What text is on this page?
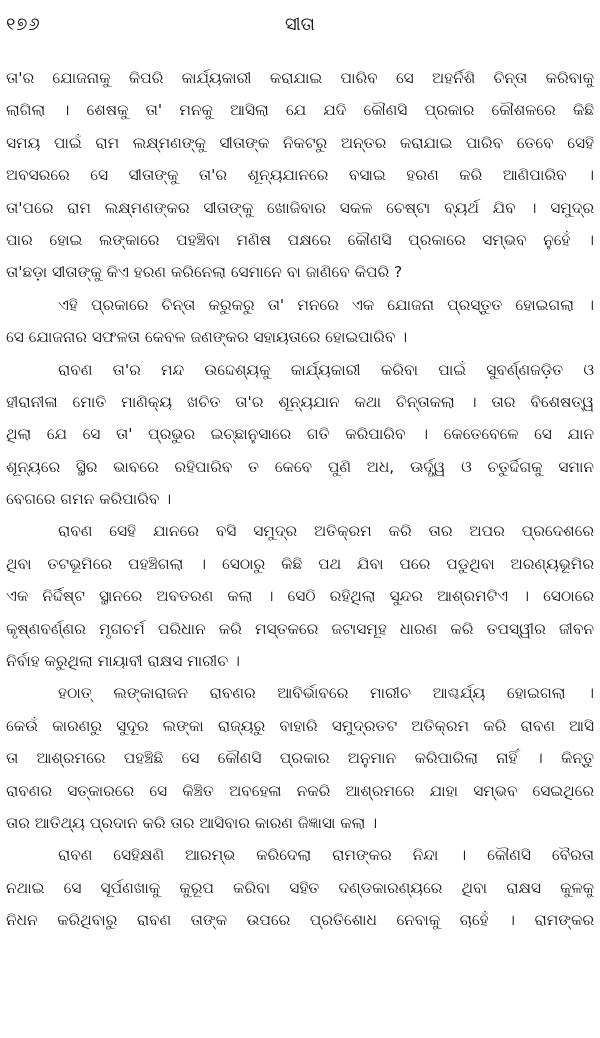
୧୭୬	ସୀତା
ତା'ର ଯୋଜନାକୁ କିପରି କାର୍ଯ୍ୟକାରୀ କରାଯାଇ ପାରିବ ସେ ଅହର୍ନିଶି ଚିନ୍ତା କରିବାକୁ
ଲାଗିଲା । ଶେଷକୁ ତା' ମନକୁ ଆସିଲା ଯେ ଯଦି କୌଣସି ପ୍ରକାର କୌଶଳରେ କିଛି
ସମୟ ପାଇଁ ରାମ ଲକ୍ଷ୍ମଣଙ୍କୁ ସୀତାଙ୍କ ନିକଟରୁ ଅନ୍ତର କରାଯାଇ ପାରିବ ତେବେ ସେହି
ଅବସରରେ ସେ ସୀତାଙ୍କୁ ତା'ର ଶୂନ୍ୟଯାନରେ ବସାଇ ହରଣ କରି ଆଣିପାରିବ ।
ତା'ପରେ ରାମ ଲକ୍ଷ୍ମଣଙ୍କର ସୀତାଙ୍କୁ ଖୋଜିବାର ସକଳ ଚେଷ୍ଟା ବ୍ୟର୍ଥ ଯିବ । ସମୁଦ୍ର
ପାର ହୋଇ ଲଙ୍କାରେ ପହଞ୍ଚିବା ମଣିଷ ପକ୍ଷରେ କୌଣସି ପ୍ରକାରେ ସମ୍ଭବ ନୁହେଁ ।
ତା'ଛଡ଼ା ସୀତାଙ୍କୁ କିଏ ହରଣ କରିନେଲା ସେମାନେ ବା ଜାଣିବେ କିପରି ?
ଏହି ପ୍ରକାରେ ଚିନ୍ତା କରୁକରୁ ତା' ମନରେ ଏକ ଯୋଜନା ପ୍ରସ୍ତୁତ ହୋଇଗଲା ।
ସେ ଯୋଜନାର ସଫଳତା କେବଳ ଜଣଙ୍କର ସହାୟତାରେ ହୋଇପାରିବ ।
ରାବଣ ତା'ର ମନ୍ଦ ଉଦ୍ଦେଶ୍ୟକୁ କାର୍ଯ୍ୟକାରୀ କରିବା ପାଇଁ ସୁବର୍ଣ୍ଣଜଡ଼ିତ ଓ
ହୀରାନୀଳା ମୋତି ମାଣିକ୍ୟ ଖଚିତ ତା'ର ଶୂନ୍ୟଯାନ କଥା ଚିନ୍ତାକଲା । ତାର ବିଶେଷତ୍ୱ
ଥିଲା ଯେ ସେ ତା' ପ୍ରଭୁର ଇଚ୍ଛାନୁସାରେ ଗତି କରିପାରିବ । କେତେବେଳେ ସେ ଯାନ
ଶୂନ୍ୟରେ ସ୍ଥିର ଭାବରେ ରହିପାରିବ ତ କେବେ ପୁଣି ଅଧ, ଊର୍ଦ୍ଧ୍ୱ ଓ ଚତୁର୍ଦ୍ଦିଗକୁ ସମାନ
ବେଗରେ ଗମନ କରିପାରିବ ।
ରାବଣ ସେହି ଯାନରେ ବସି ସମୁଦ୍ର ଅତିକ୍ରମ କରି ତାର ଅପର ପ୍ରଦେଶରେ
ଥିବା ତଟଭୂମିରେ ପହଞ୍ଚିଗଲା । ସେଠାରୁ କିଛି ପଥ ଯିବା ପରେ ପଡୁଥିବା ଅରଣ୍ୟଭୂମିର
ଏକ ନିର୍ଦ୍ଦିଷ୍ଟ ସ୍ଥାନରେ ଅବତରଣ କଲା । ସେଠି ରହିଥିଲା ସୁନ୍ଦର ଆଶ୍ରମଟିଏ । ସେଠାରେ
କୃଷ୍ଣବର୍ଣ୍ଣର ମୃଗଚର୍ମ ପରିଧାନ କରି ମସ୍ତକରେ ଜଟାସମୂହ ଧାରଣ କରି ତପସ୍ୱୀର ଜୀବନ
ନିର୍ବାହ କରୁଥିଲା ମାୟାବୀ ରାକ୍ଷସ ମାରୀଚ ।
ହଠାତ୍ ଲଙ୍କାରାଜନ ରାବଣର ଆବିର୍ଭାବରେ ମାରୀଚ ଆଶ୍ଚର୍ଯ୍ୟ ହୋଇଗଲା ।
କେଉଁ କାରଣରୁ ସୁଦୂର ଲଙ୍କା ରାଜ୍ୟରୁ ବାହାରି ସମୁଦ୍ରତଟ ଅତିକ୍ରମ କରି ରାବଣ ଆସି
ତା ଆଶ୍ରମରେ ପହଞ୍ଚିଛି ସେ କୌଣସି ପ୍ରକାର ଅନୁମାନ କରିପାରିଲା ନାହିଁ । କିନ୍ତୁ
ରାବଣର ସତ୍କାରରେ ସେ କିଞ୍ଚିତ ଅବହେଳା ନକରି ଆଶ୍ରମରେ ଯାହା ସମ୍ଭବ ସେଇଥିରେ
ତାର ଆତିଥ୍ୟ ପ୍ରଦାନ କରି ତାର ଆସିବାର କାରଣ ଜିଜ୍ଞାସା କଲା ।
ରାବଣ ସେହିକ୍ଷଣି ଆରମ୍ଭ କରିଦେଲା ରାମଙ୍କର ନିନ୍ଦା । କୌଣସି ବୈରତା
ନଥାଇ ସେ ସୂର୍ପଣଖାକୁ କୁରୂପ କରିବା ସହିତ ଦଣ୍ଡକାରଣ୍ୟରେ ଥିବା ରାକ୍ଷସ କୁଳକୁ
ନିଧନ କରିଥିବାରୁ ରାବଣ ତାଙ୍କ ଉପରେ ପ୍ରତିଶୋଧ ନେବାକୁ ଚାହେଁ । ରାମଙ୍କର
